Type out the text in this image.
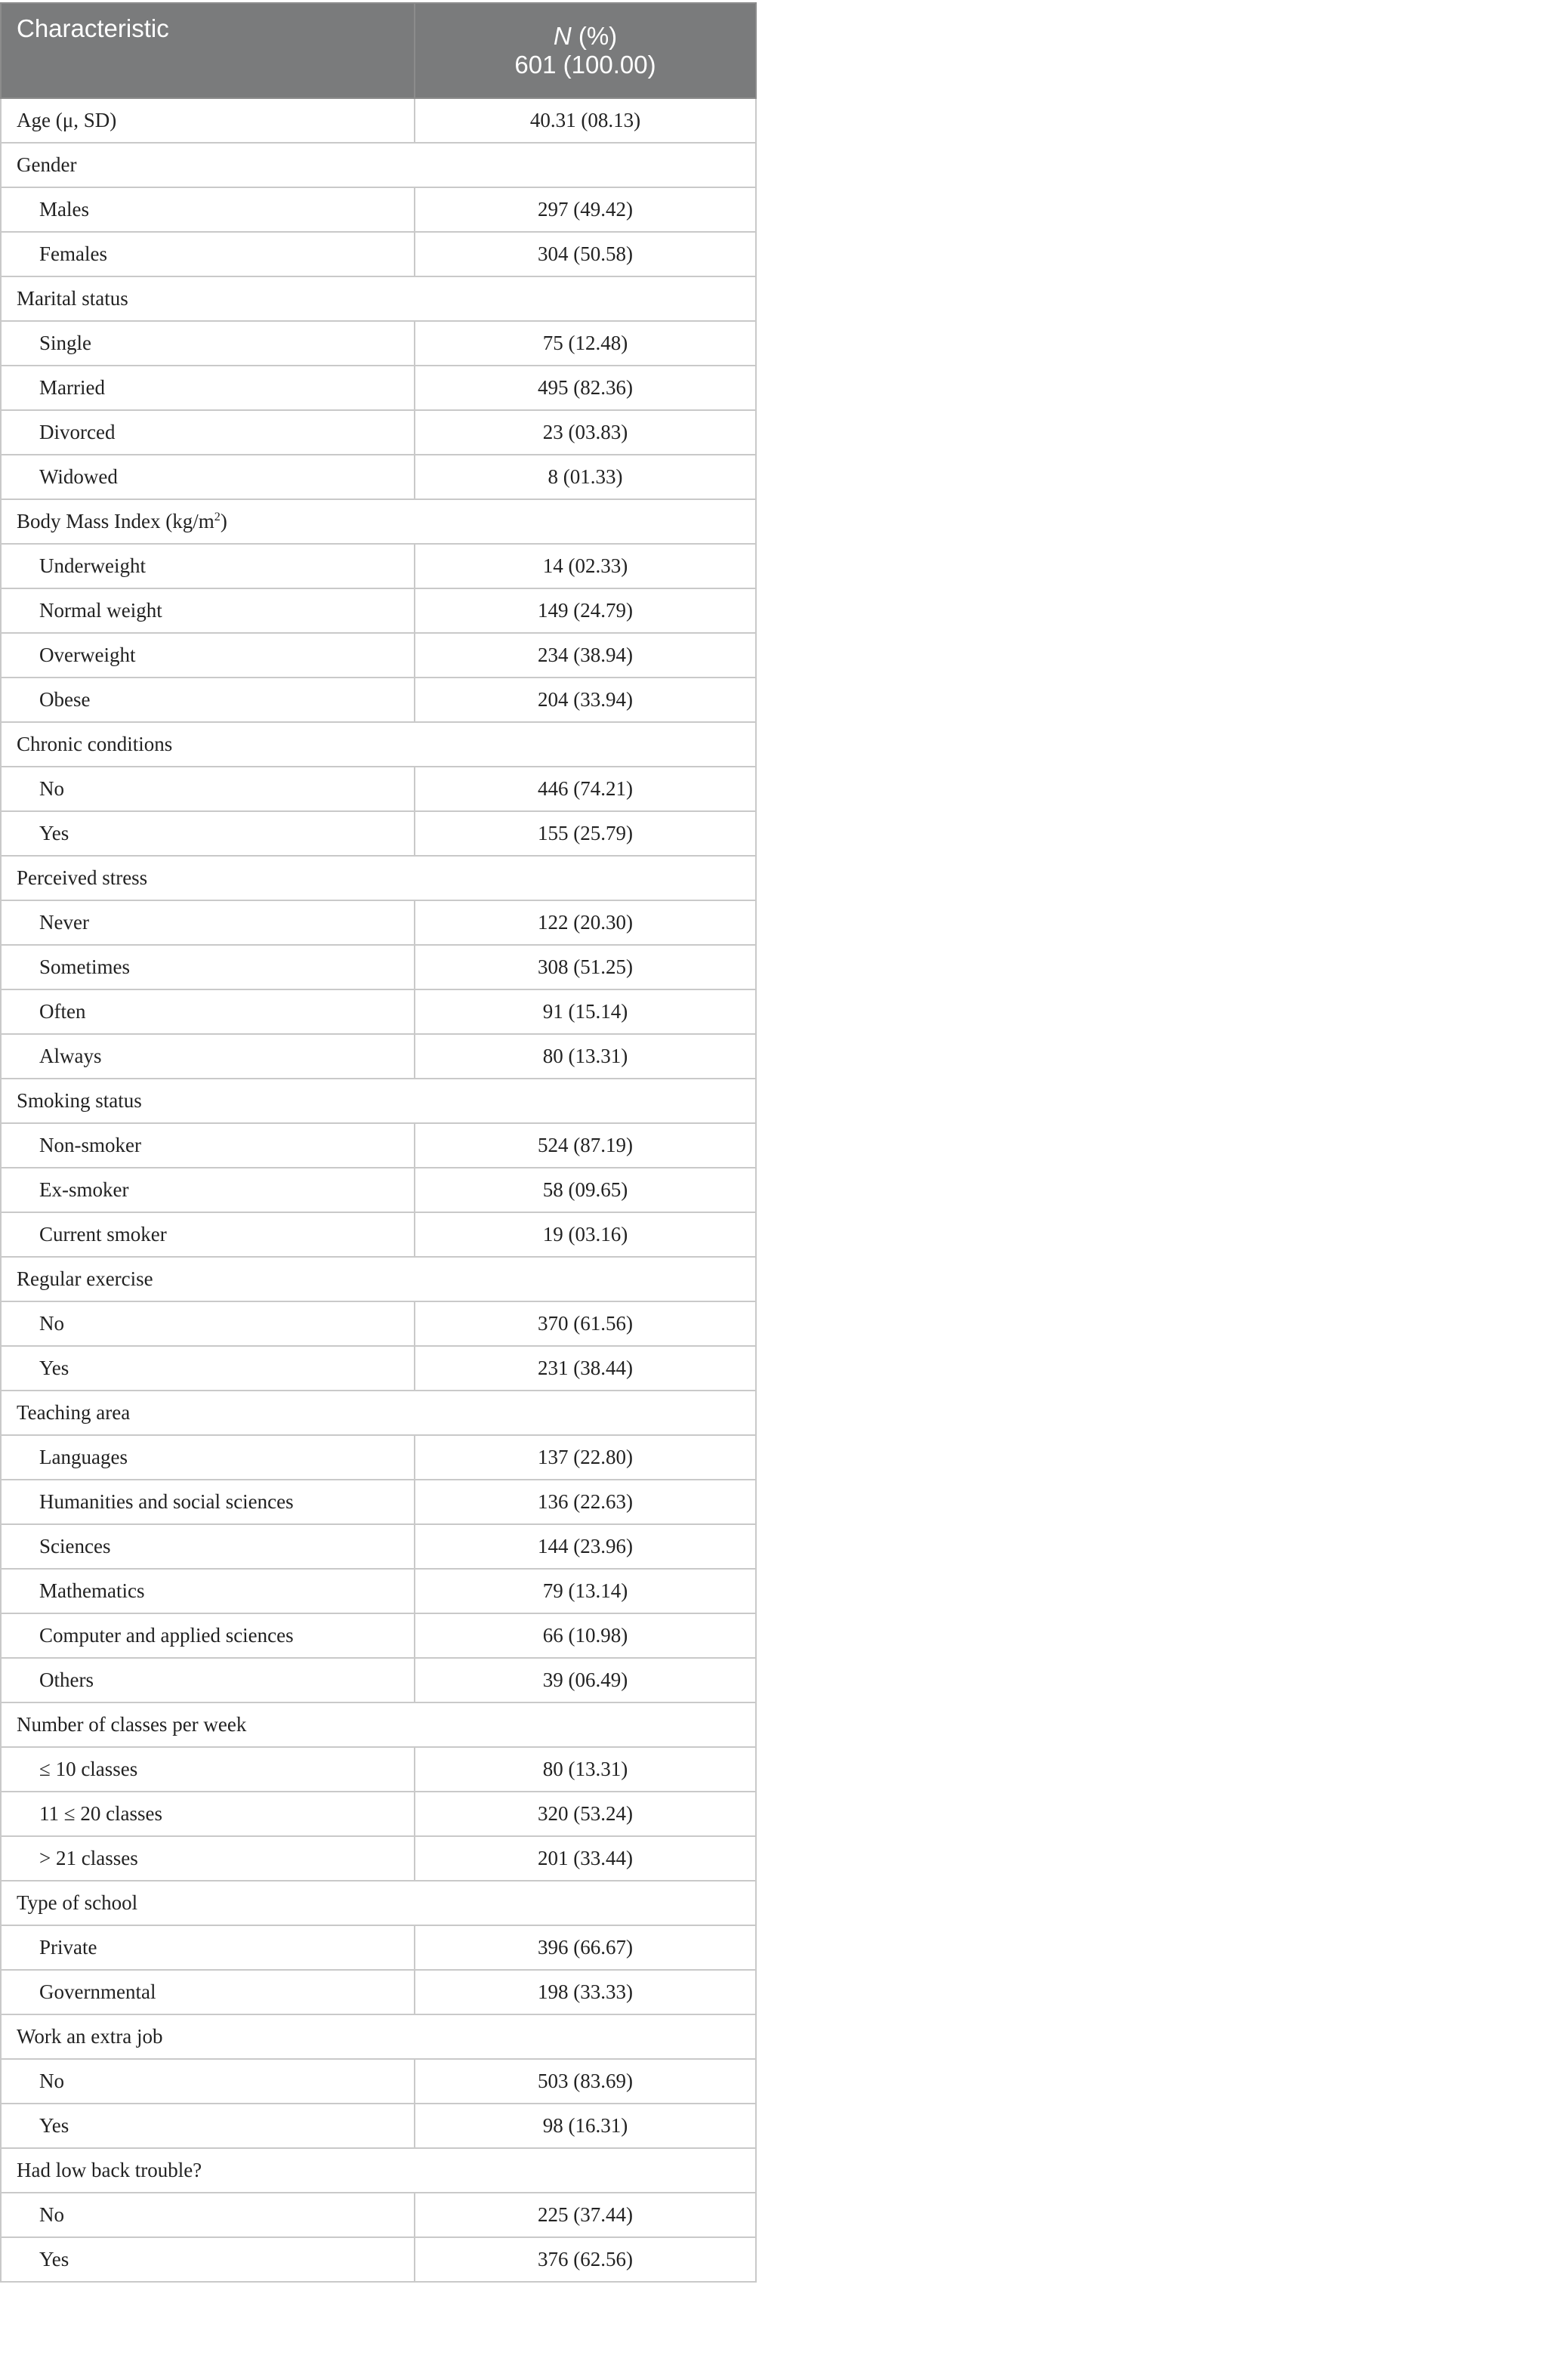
Characteristic	N (%)
601 (100.00)
Age (μ, SD)	40.31 (08.13)
Gender	
Males	297 (49.42)
Females	304 (50.58)
Marital status	
Single	75 (12.48)
Married	495 (82.36)
Divorced	23 (03.83)
Widowed	8 (01.33)
Body Mass Index $(kg/m^2)$	
Underweight	14 (02.33)
Normal weight	149 (24.79)
Overweight	234 (38.94)
Obese	204 (33.94)
Chronic conditions	
No	446 (74.21)
Yes	155 (25.79)
Perceived stress	
Never	122 (20.30)
Sometimes	308 (51.25)
Often	91 (15.14)
Always	80 (13.31)
Smoking status	
Non-smoker	524 (87.19)
Ex-smoker	58 (09.65)
Current smoker	19 (03.16)
Regular exercise	
No	370 (61.56)
Yes	231 (38.44)
Teaching area	
Languages	137 (22.80)
Humanities and social sciences	136 (22.63)
Sciences	144 (23.96)
Mathematics	79 (13.14)
Computer and applied sciences	66 (10.98)
Others	39 (06.49)
Number of classes per week	
≤ 10 classes	80 (13.31)
11 ≤ 20 classes	320 (53.24)
> 21 classes	201 (33.44)
Type of school	
Private	396 (66.67)
Governmental	198 (33.33)
Work an extra job	
No	503 (83.69)
Yes	98 (16.31)
Had low back trouble?	
No	225 (37.44)
Yes	376 (62.56)
